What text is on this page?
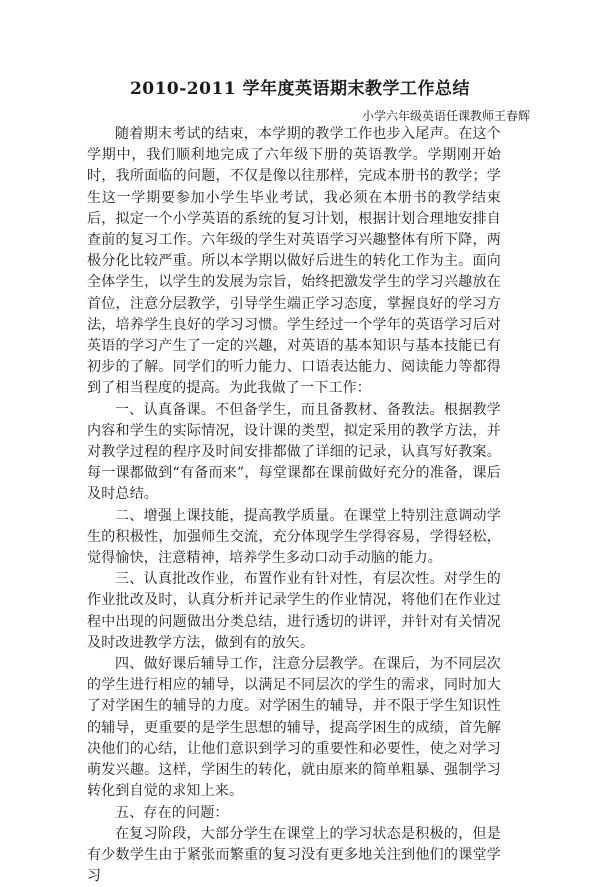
2010-2011 学年度英语期末教学工作总结
小学六年级英语任课教师王春辉

随着期末考试的结束，本学期的教学工作也步入尾声。在这个学期中，我们顺利地完成了六年级下册的英语教学。学期刚开始时，我所面临的问题，不仅是像以往那样，完成本册书的教学；学生这一学期要参加小学生毕业考试，我必须在本册书的教学结束后，拟定一个小学英语的系统的复习计划，根据计划合理地安排自查前的复习工作。六年级的学生对英语学习兴趣整体有所下降，两极分化比较严重。所以本学期以做好后进生的转化工作为主。面向全体学生，以学生的发展为宗旨，始终把激发学生的学习兴趣放在首位，注意分层教学，引导学生端正学习态度，掌握良好的学习方法，培养学生良好的学习习惯。学生经过一个学年的英语学习后对英语的学习产生了一定的兴趣，对英语的基本知识与基本技能已有初步的了解。同学们的听力能力、口语表达能力、阅读能力等都得到了相当程度的提高。为此我做了一下工作：

一、认真备课。不但备学生，而且备教材、备教法。根据教学内容和学生的实际情况，设计课的类型，拟定采用的教学方法，并对教学过程的程序及时间安排都做了详细的记录，认真写好教案。每一课都做到“有备而来”，每堂课都在课前做好充分的准备，课后及时总结。

二、增强上课技能，提高教学质量。在课堂上特别注意调动学生的积极性，加强师生交流，充分体现学生学得容易，学得轻松，觉得愉快，注意精神，培养学生多动口动手动脑的能力。

三、认真批改作业，布置作业有针对性，有层次性。对学生的作业批改及时，认真分析并记录学生的作业情况，将他们在作业过程中出现的问题做出分类总结，进行透切的讲评，并针对有关情况及时改进教学方法，做到有的放矢。

四、做好课后辅导工作，注意分层教学。在课后，为不同层次的学生进行相应的辅导，以满足不同层次的学生的需求，同时加大了对学困生的辅导的力度。对学困生的辅导，并不限于学生知识性的辅导，更重要的是学生思想的辅导，提高学困生的成绩，首先解决他们的心结，让他们意识到学习的重要性和必要性，使之对学习萌发兴趣。这样，学困生的转化，就由原来的简单粗暴、强制学习转化到自觉的求知上来。

五、存在的问题：

在复习阶段，大部分学生在课堂上的学习状态是积极的，但是有少数学生由于紧张而繁重的复习没有更多地关注到他们的课堂学习
